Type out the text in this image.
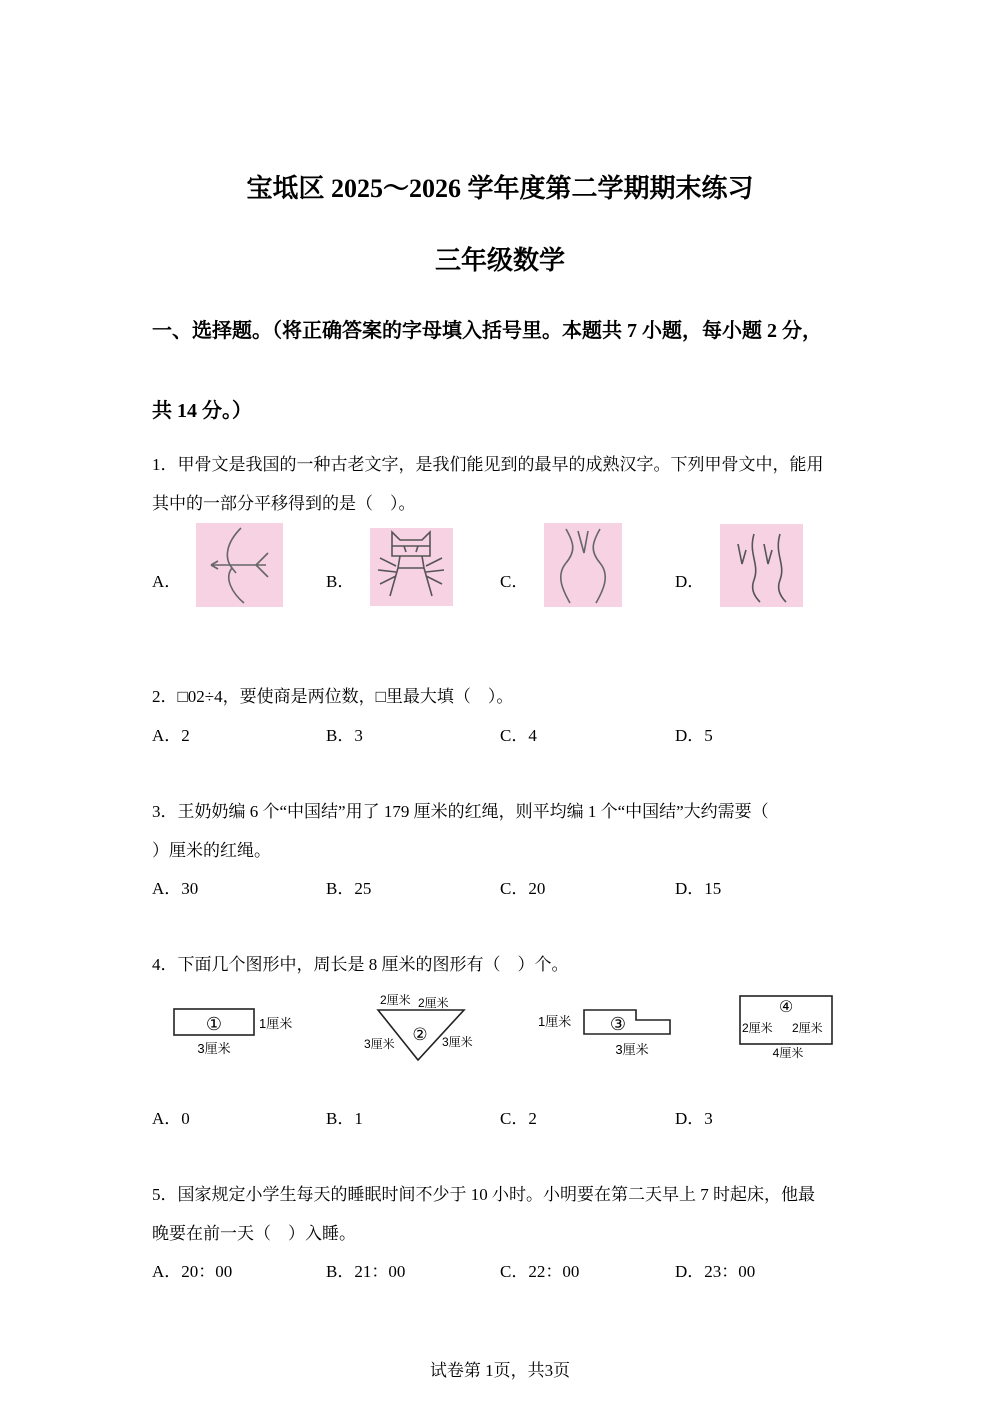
宝坻区 2025～2026 学年度第二学期期末练习
三年级数学
一、选择题。（将正确答案的字母填入括号里。本题共 7 小题，每小题 2 分，
共 14 分。）
1．甲骨文是我国的一种古老文字，是我们能见到的最早的成熟汉字。下列甲骨文中，能用
其中的一部分平移得到的是（　）。
A．	B．	C．	D．
2．□02÷4，要使商是两位数，□里最大填（　）。
A．2	B．3	C．4	D．5
3．王奶奶编 6 个“中国结”用了 179 厘米的红绳，则平均编 1 个“中国结”大约需要（
）厘米的红绳。
A．30	B．25	C．20	D．15
4．下面几个图形中，周长是 8 厘米的图形有（　）个。
①	1厘米
3厘米
2厘米 2厘米
②
3厘米	3厘米
1厘米 ③
3厘米
④
2厘米 2厘米
4厘米
A．0	B．1	C．2	D．3
5．国家规定小学生每天的睡眠时间不少于 10 小时。小明要在第二天早上 7 时起床，他最
晚要在前一天（　）入睡。
A．20：00	B．21：00	C．22：00	D．23：00
试卷第 1页，共3页
